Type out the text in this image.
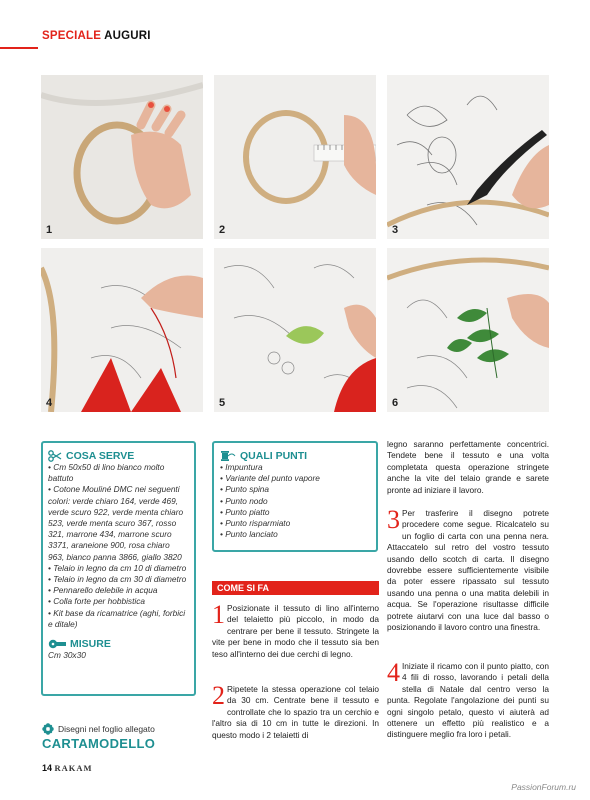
SPECIALE AUGURI
1	2	3
4	5	6
COSA SERVE
• Cm 50x50 di lino bianco molto battuto
• Cotone Mouliné DMC nei seguenti colori: verde chiaro 164, verde 469, verde scuro 922, verde menta chiaro 523, verde menta scuro 367, rosso 321, marrone 434, marrone scuro 3371, araneione 900, rosa chiaro 963, bianco panna 3866, giallo 3820
• Telaio in legno da cm 10 di diametro
• Telaio in legno da cm 30 di diametro
• Pennarello delebile in acqua
• Colla forte per hobbistica
• Kit base da ricamatrice (aghi, forbici e ditale)
MISURE
Cm 30x30
QUALI PUNTI
• Impuntura
• Variante del punto vapore
• Punto spina
• Punto nodo
• Punto piatto
• Punto risparmiato
• Punto lanciato
COME SI FA
1 Posizionate il tessuto di lino all'interno del telaietto più piccolo, in modo da centrare per bene il tessuto. Stringete la vite per bene in modo che il tessuto sia ben teso all'interno dei due cerchi di legno.
2 Ripetete la stessa operazione col telaio da 30 cm. Centrate bene il tessuto e controllate che lo spazio tra un cerchio e l'altro sia di 10 cm in tutte le direzioni. In questo modo i 2 telaietti di
legno saranno perfettamente concentrici. Tendete bene il tessuto e una volta completata questa operazione stringete anche la vite del telaio grande e sarete pronte ad iniziare il lavoro.
3 Per trasferire il disegno potrete procedere come segue. Ricalcatelo su un foglio di carta con una penna nera. Attaccatelo sul retro del vostro tessuto usando dello scotch di carta. Il disegno dovrebbe essere sufficientemente visibile da poter essere ripassato sul tessuto usando una penna o una matita delebili in acqua. Se l'operazione risultasse difficile potrete aiutarvi con una luce dal basso o posizionando il lavoro contro una finestra.
4 Iniziate il ricamo con il punto piatto, con 4 fili di rosso, lavorando i petali della stella di Natale dal centro verso la punta. Regolate l'angolazione dei punti su ogni singolo petalo, questo vi aiuterà ad ottenere un effetto più realistico e a distinguere meglio fra loro i petali.
Disegni nel foglio allegato
CARTAMODELLO
14 RAKAM
PassionForum.ru
